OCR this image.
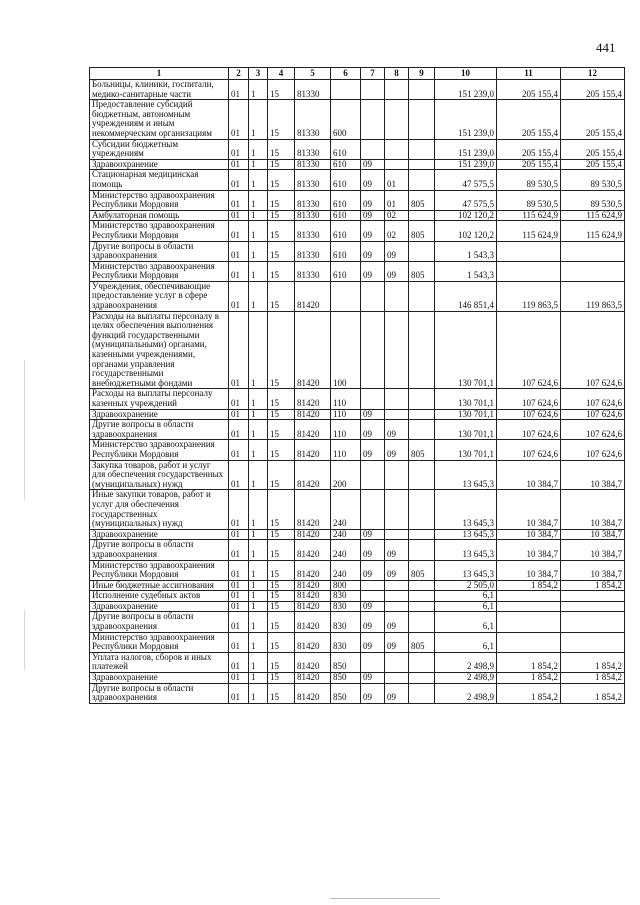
441
1	2	3	4	5	6	7	8	9	10	11	12
Больницы, клиники, госпитали, медико-санитарные части	01	1	15	81330					151 239,0	205 155,4	205 155,4
Предоставление субсидий бюджетным, автономным учреждениям и иным некоммерческим организациям	01	1	15	81330	600				151 239,0	205 155,4	205 155,4
Субсидии бюджетным учреждениям	01	1	15	81330	610				151 239,0	205 155,4	205 155,4
Здравоохранение	01	1	15	81330	610	09			151 239,0	205 155,4	205 155,4
Стационарная медицинская помощь	01	1	15	81330	610	09	01		47 575,5	89 530,5	89 530,5
Министерство здравоохранения Республики Мордовия	01	1	15	81330	610	09	01	805	47 575,5	89 530,5	89 530,5
Амбулаторная помощь	01	1	15	81330	610	09	02		102 120,2	115 624,9	115 624,9
Министерство здравоохранения Республики Мордовия	01	1	15	81330	610	09	02	805	102 120,2	115 624,9	115 624,9
Другие вопросы в области здравоохранения	01	1	15	81330	610	09	09		1 543,3		
Министерство здравоохранения Республики Мордовия	01	1	15	81330	610	09	09	805	1 543,3		
Учреждения, обеспечивающие предоставление услуг в сфере здравоохранения	01	1	15	81420					146 851,4	119 863,5	119 863,5
Расходы на выплаты персоналу в целях обеспечения выполнения функций государственными (муниципальными) органами, казенными учреждениями, органами управления государственными внебюджетными фондами	01	1	15	81420	100				130 701,1	107 624,6	107 624,6
Расходы на выплаты персоналу казенных учреждений	01	1	15	81420	110				130 701,1	107 624,6	107 624,6
Здравоохранение	01	1	15	81420	110	09			130 701,1	107 624,6	107 624,6
Другие вопросы в области здравоохранения	01	1	15	81420	110	09	09		130 701,1	107 624,6	107 624,6
Министерство здравоохранения Республики Мордовия	01	1	15	81420	110	09	09	805	130 701,1	107 624,6	107 624,6
Закупка товаров, работ и услуг для обеспечения государственных (муниципальных) нужд	01	1	15	81420	200				13 645,3	10 384,7	10 384,7
Иные закупки товаров, работ и услуг для обеспечения государственных (муниципальных) нужд	01	1	15	81420	240				13 645,3	10 384,7	10 384,7
Здравоохранение	01	1	15	81420	240	09			13 645,3	10 384,7	10 384,7
Другие вопросы в области здравоохранения	01	1	15	81420	240	09	09		13 645,3	10 384,7	10 384,7
Министерство здравоохранения Республики Мордовия	01	1	15	81420	240	09	09	805	13 645,3	10 384,7	10 384,7
Иные бюджетные ассигнования	01	1	15	81420	800				2 505,0	1 854,2	1 854,2
Исполнение судебных актов	01	1	15	81420	830				6,1		
Здравоохранение	01	1	15	81420	830	09			6,1		
Другие вопросы в области здравоохранения	01	1	15	81420	830	09	09		6,1		
Министерство здравоохранения Республики Мордовия	01	1	15	81420	830	09	09	805	6,1		
Уплата налогов, сборов и иных платежей	01	1	15	81420	850				2 498,9	1 854,2	1 854,2
Здравоохранение	01	1	15	81420	850	09			2 498,9	1 854,2	1 854,2
Другие вопросы в области здравоохранения	01	1	15	81420	850	09	09		2 498,9	1 854,2	1 854,2
